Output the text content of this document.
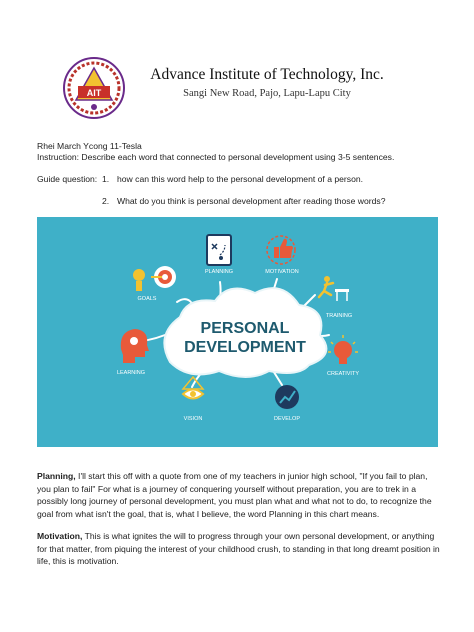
AIT
Advance Institute of Technology, Inc.
Sangi New Road, Pajo, Lapu-Lapu City
Rhei March Ycong 11-Tesla
Instruction: Describe each word that connected to personal development using 3-5 sentences.
Guide question: 1. how can this word help to the personal development of a person.
2. What do you think is personal development after reading those words?
PERSONAL
DEVELOPMENT
GOALS
PLANNING	MOTIVATION
TRAINING
CREATIVITY
DEVELOP
VISION
LEARNING
Planning, I'll start this off with a quote from one of my teachers in junior high school, "If you fail to plan, you plan to fail" For what is a journey of conquering yourself without preparation, you are to trek in a possibly long journey of personal development, you must plan what and what not to do, to recognize the goal from what isn't the goal, that is, what I believe, the word Planning in this chart means.
Motivation, This is what ignites the will to progress through your own personal development, or anything for that matter, from piquing the interest of your childhood crush, to standing in that long dreamt position in life, this is motivation.
